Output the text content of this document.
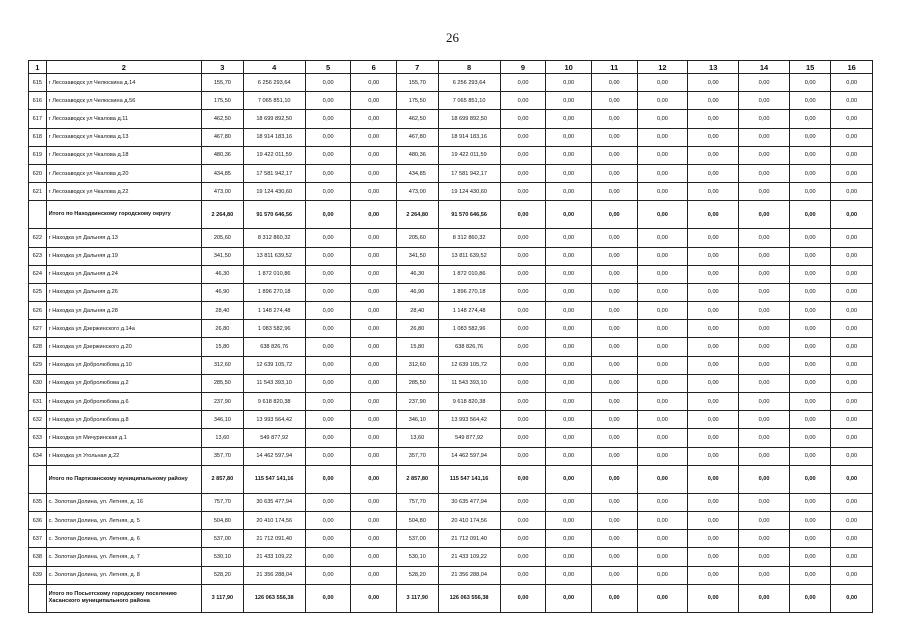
26
1	2	3	4	5	6	7	8	9	10	11	12	13	14	15	16
615	г Лесозаводск ул Челюскина д.14	155,70	6 256 293,64	0,00	0,00	155,70	6 256 293,64	0,00	0,00	0,00	0,00	0,00	0,00	0,00	0,00
616	г Лесозаводск ул Челюскина д.56	175,50	7 065 851,10	0,00	0,00	175,50	7 065 851,10	0,00	0,00	0,00	0,00	0,00	0,00	0,00	0,00
617	г Лесозаводск ул Чкалова д.11	462,50	18 699 892,50	0,00	0,00	462,50	18 699 892,50	0,00	0,00	0,00	0,00	0,00	0,00	0,00	0,00
618	г Лесозаводск ул Чкалова д.13	467,80	18 914 183,16	0,00	0,00	467,80	18 914 183,16	0,00	0,00	0,00	0,00	0,00	0,00	0,00	0,00
619	г Лесозаводск ул Чкалова д.18	480,36	19 422 011,59	0,00	0,00	480,36	19 422 011,59	0,00	0,00	0,00	0,00	0,00	0,00	0,00	0,00
620	г Лесозаводск ул Чкалова д.20	434,85	17 581 942,17	0,00	0,00	434,85	17 581 942,17	0,00	0,00	0,00	0,00	0,00	0,00	0,00	0,00
621	г Лесозаводск ул Чкалова д.22	473,00	19 124 430,60	0,00	0,00	473,00	19 124 430,60	0,00	0,00	0,00	0,00	0,00	0,00	0,00	0,00
	Итого по Находкинскому городскому округу	2 264,80	91 570 646,56	0,00	0,00	2 264,80	91 570 646,56	0,00	0,00	0,00	0,00	0,00	0,00	0,00	0,00
622	г Находка ул Дальняя д.13	205,60	8 312 860,32	0,00	0,00	205,60	8 312 860,32	0,00	0,00	0,00	0,00	0,00	0,00	0,00	0,00
623	г Находка ул Дальняя д.19	341,50	13 811 639,52	0,00	0,00	341,50	13 811 639,52	0,00	0,00	0,00	0,00	0,00	0,00	0,00	0,00
624	г Находка ул Дальняя д.24	46,30	1 872 010,86	0,00	0,00	46,30	1 872 010,86	0,00	0,00	0,00	0,00	0,00	0,00	0,00	0,00
625	г Находка ул Дальняя д.26	46,90	1 896 270,18	0,00	0,00	46,90	1 896 270,18	0,00	0,00	0,00	0,00	0,00	0,00	0,00	0,00
626	г Находка ул Дальняя д.28	28,40	1 148 274,48	0,00	0,00	28,40	1 148 274,48	0,00	0,00	0,00	0,00	0,00	0,00	0,00	0,00
627	г Находка ул Дзержинского д.14а	26,80	1 083 582,96	0,00	0,00	26,80	1 083 582,96	0,00	0,00	0,00	0,00	0,00	0,00	0,00	0,00
628	г Находка ул Дзержинского д.20	15,80	638 826,76	0,00	0,00	15,80	638 826,76	0,00	0,00	0,00	0,00	0,00	0,00	0,00	0,00
629	г Находка ул Добролюбова д.10	312,60	12 639 105,72	0,00	0,00	312,60	12 639 105,72	0,00	0,00	0,00	0,00	0,00	0,00	0,00	0,00
630	г Находка ул Добролюбова д.2	285,50	11 543 393,10	0,00	0,00	285,50	11 543 393,10	0,00	0,00	0,00	0,00	0,00	0,00	0,00	0,00
631	г Находка ул Добролюбова д.6	237,90	9 618 820,38	0,00	0,00	237,90	9 618 820,38	0,00	0,00	0,00	0,00	0,00	0,00	0,00	0,00
632	г Находка ул Добролюбова д.8	346,10	13 993 564,42	0,00	0,00	346,10	13 993 564,42	0,00	0,00	0,00	0,00	0,00	0,00	0,00	0,00
633	г Находка ул Мичуринская д.1	13,60	549 877,92	0,00	0,00	13,60	549 877,92	0,00	0,00	0,00	0,00	0,00	0,00	0,00	0,00
634	г Находка ул Угольная д.22	357,70	14 462 597,94	0,00	0,00	357,70	14 462 597,94	0,00	0,00	0,00	0,00	0,00	0,00	0,00	0,00
	Итого по Партизанскому муниципальному району	2 857,80	115 547 141,16	0,00	0,00	2 857,80	115 547 141,16	0,00	0,00	0,00	0,00	0,00	0,00	0,00	0,00
635	с. Золотая Долина, ул. Летняя, д. 16	757,70	30 635 477,94	0,00	0,00	757,70	30 635 477,94	0,00	0,00	0,00	0,00	0,00	0,00	0,00	0,00
636	с. Золотая Долина, ул. Летняя, д. 5	504,80	20 410 174,56	0,00	0,00	504,80	20 410 174,56	0,00	0,00	0,00	0,00	0,00	0,00	0,00	0,00
637	с. Золотая Долина, ул. Летняя, д. 6	537,00	21 712 091,40	0,00	0,00	537,00	21 712 091,40	0,00	0,00	0,00	0,00	0,00	0,00	0,00	0,00
638	с. Золотая Долина, ул. Летняя, д. 7	530,10	21 433 109,22	0,00	0,00	530,10	21 433 109,22	0,00	0,00	0,00	0,00	0,00	0,00	0,00	0,00
639	с. Золотая Долина, ул. Летняя, д. 8	528,20	21 356 288,04	0,00	0,00	528,20	21 356 288,04	0,00	0,00	0,00	0,00	0,00	0,00	0,00	0,00
	Итого по Посьетскому городскому поселению Хасанского муниципального района	3 117,90	126 063 556,38	0,00	0,00	3 117,90	126 063 556,38	0,00	0,00	0,00	0,00	0,00	0,00	0,00	0,00
